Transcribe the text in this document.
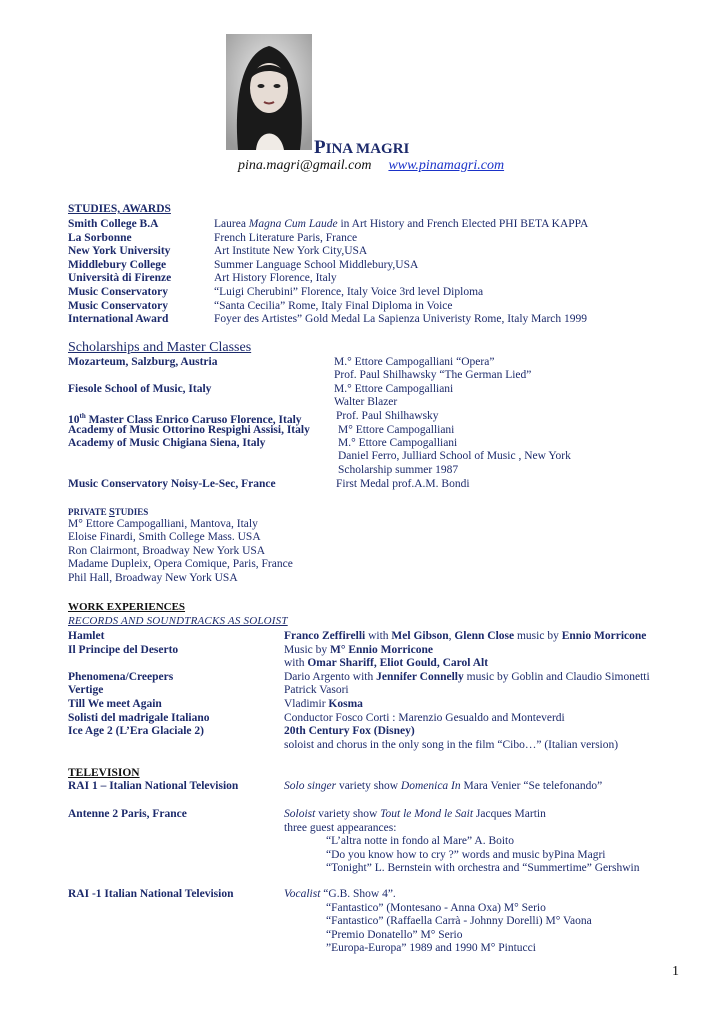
PINA MAGRI
pina.magri@gmail.com www.pinamagri.com
STUDIES, AWARDS
Smith College B.A	Laurea Magna Cum Laude in Art History and French Elected PHI BETA KAPPA
La Sorbonne	French Literature Paris, France
New York University	Art Institute New York City,USA
Middlebury College	Summer Language School Middlebury,USA
Università di Firenze	Art History Florence, Italy
Music Conservatory	“Luigi Cherubini” Florence, Italy Voice 3rd level Diploma
Music Conservatory	“Santa Cecilia” Rome, Italy Final Diploma in Voice
International Award	Foyer des Artistes” Gold Medal La Sapienza Univeristy Rome, Italy March 1999
Scholarships and Master Classes
Mozarteum, Salzburg, Austria	M.° Ettore Campogalliani “Opera”
Prof. Paul Shilhawsky “The German Lied”
Fiesole School of Music, Italy	M.° Ettore Campogalliani
Walter Blazer
10th Master Class Enrico Caruso Florence, Italy	Prof. Paul Shilhawsky
Academy of Music Ottorino Respighi Assisi, Italy M° Ettore Campogalliani
Academy of Music Chigiana Siena, Italy	M.° Ettore Campogalliani
Daniel Ferro, Julliard School of Music , New York
Scholarship summer 1987
Music Conservatory Noisy-Le-Sec, France	First Medal prof.A.M. Bondi
PRIVATE STUDIES
M° Ettore Campogalliani, Mantova, Italy
Eloise Finardi, Smith College Mass. USA
Ron Clairmont, Broadway New York USA
Madame Dupleix, Opera Comique, Paris, France
Phil Hall, Broadway New York USA
WORK EXPERIENCES
RECORDS AND SOUNDTRACKS AS SOLOIST
Hamlet	Franco Zeffirelli with Mel Gibson, Glenn Close music by Ennio Morricone
Il Principe del Deserto	Music by M° Ennio Morricone
with Omar Shariff, Eliot Gould, Carol Alt
Phenomena/Creepers	Dario Argento with Jennifer Connelly music by Goblin and Claudio Simonetti
Vertige	Patrick Vasori
Till We meet Again	Vladimir Kosma
Solisti del madrigale Italiano	Conductor Fosco Corti : Marenzio Gesualdo and Monteverdi
Ice Age 2 (L’Era Glaciale 2)	20th Century Fox (Disney)
soloist and chorus in the only song in the film “Cibo…” (Italian version)
TELEVISION
RAI 1 – Italian National Television	Solo singer variety show Domenica In Mara Venier “Se telefonando”
Antenne 2 Paris, France	Soloist variety show Tout le Mond le Sait Jacques Martin
three guest appearances:
“L’altra notte in fondo al Mare” A. Boito
“Do you know how to cry ?” words and music byPina Magri
“Tonight” L. Bernstein with orchestra and “Summertime” Gershwin
RAI -1 Italian National Television	Vocalist “G.B. Show 4”.
“Fantastico” (Montesano - Anna Oxa) M° Serio
“Fantastico” (Raffaella Carrà - Johnny Dorelli) M° Vaona
“Premio Donatello” M° Serio
”Europa-Europa” 1989 and 1990 M° Pintucci
1
